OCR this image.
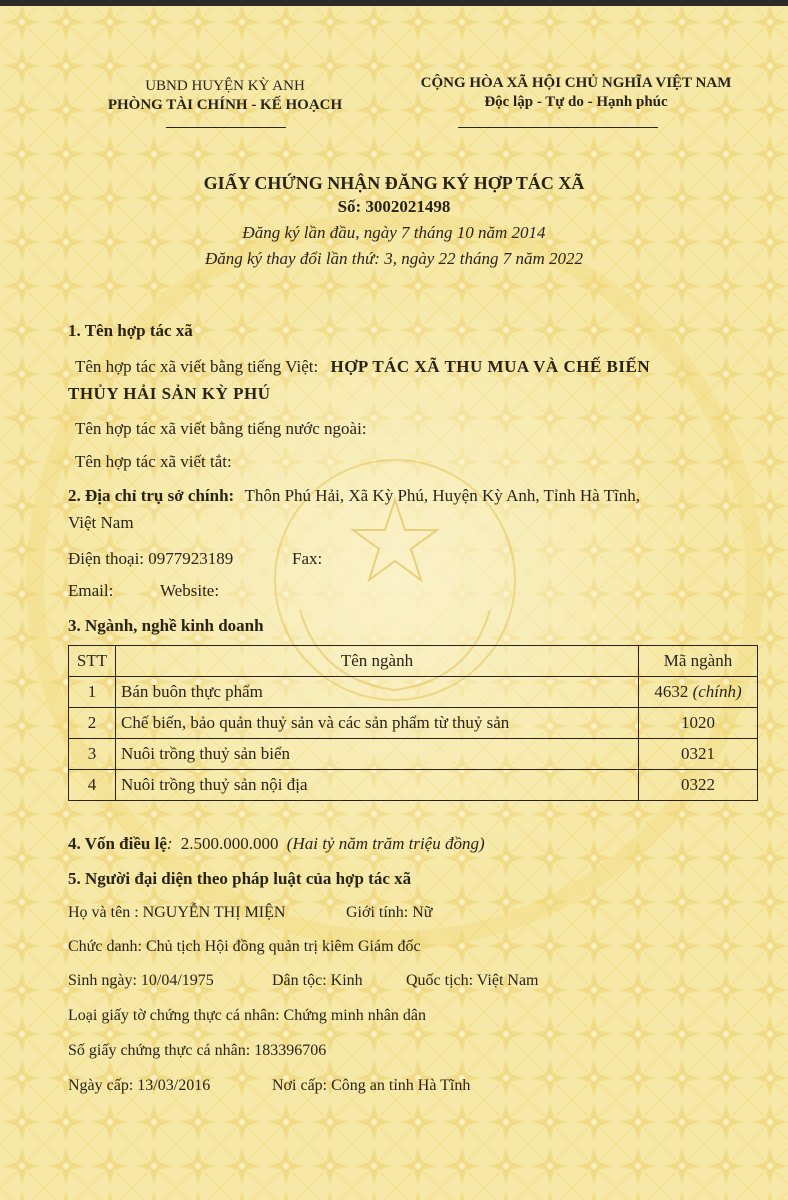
UBND HUYỆN KỲ ANH
PHÒNG TÀI CHÍNH - KẾ HOẠCH
CỘNG HÒA XÃ HỘI CHỦ NGHĨA VIỆT NAM
Độc lập - Tự do - Hạnh phúc
GIẤY CHỨNG NHẬN ĐĂNG KÝ HỢP TÁC XÃ
Số: 3002021498
Đăng ký lần đầu, ngày 7 tháng 10 năm 2014
Đăng ký thay đổi lần thứ: 3, ngày 22 tháng 7 năm 2022
1. Tên hợp tác xã
Tên hợp tác xã viết bằng tiếng Việt: HỢP TÁC XÃ THU MUA VÀ CHẾ BIẾN
THỦY HẢI SẢN KỲ PHÚ
Tên hợp tác xã viết bằng tiếng nước ngoài:
Tên hợp tác xã viết tắt:
2. Địa chỉ trụ sở chính: Thôn Phú Hải, Xã Kỳ Phú, Huyện Kỳ Anh, Tỉnh Hà Tĩnh,
Việt Nam
Điện thoại: 0977923189	Fax:
Email:	Website:
3. Ngành, nghề kinh doanh
STT	Tên ngành	Mã ngành
1	Bán buôn thực phẩm	4632 (chính)
2	Chế biến, bảo quản thuỷ sản và các sản phẩm từ thuỷ sản	1020
3	Nuôi trồng thuỷ sản biển	0321
4	Nuôi trồng thuỷ sản nội địa	0322
4. Vốn điều lệ: 2.500.000.000 (Hai tỷ năm trăm triệu đồng)
5. Người đại diện theo pháp luật của hợp tác xã
Họ và tên : NGUYỄN THỊ MIỆN	Giới tính: Nữ
Chức danh: Chủ tịch Hội đồng quản trị kiêm Giám đốc
Sinh ngày: 10/04/1975	Dân tộc: Kinh	Quốc tịch: Việt Nam
Loại giấy tờ chứng thực cá nhân: Chứng minh nhân dân
Số giấy chứng thực cá nhân: 183396706
Ngày cấp: 13/03/2016	Nơi cấp: Công an tỉnh Hà Tĩnh
